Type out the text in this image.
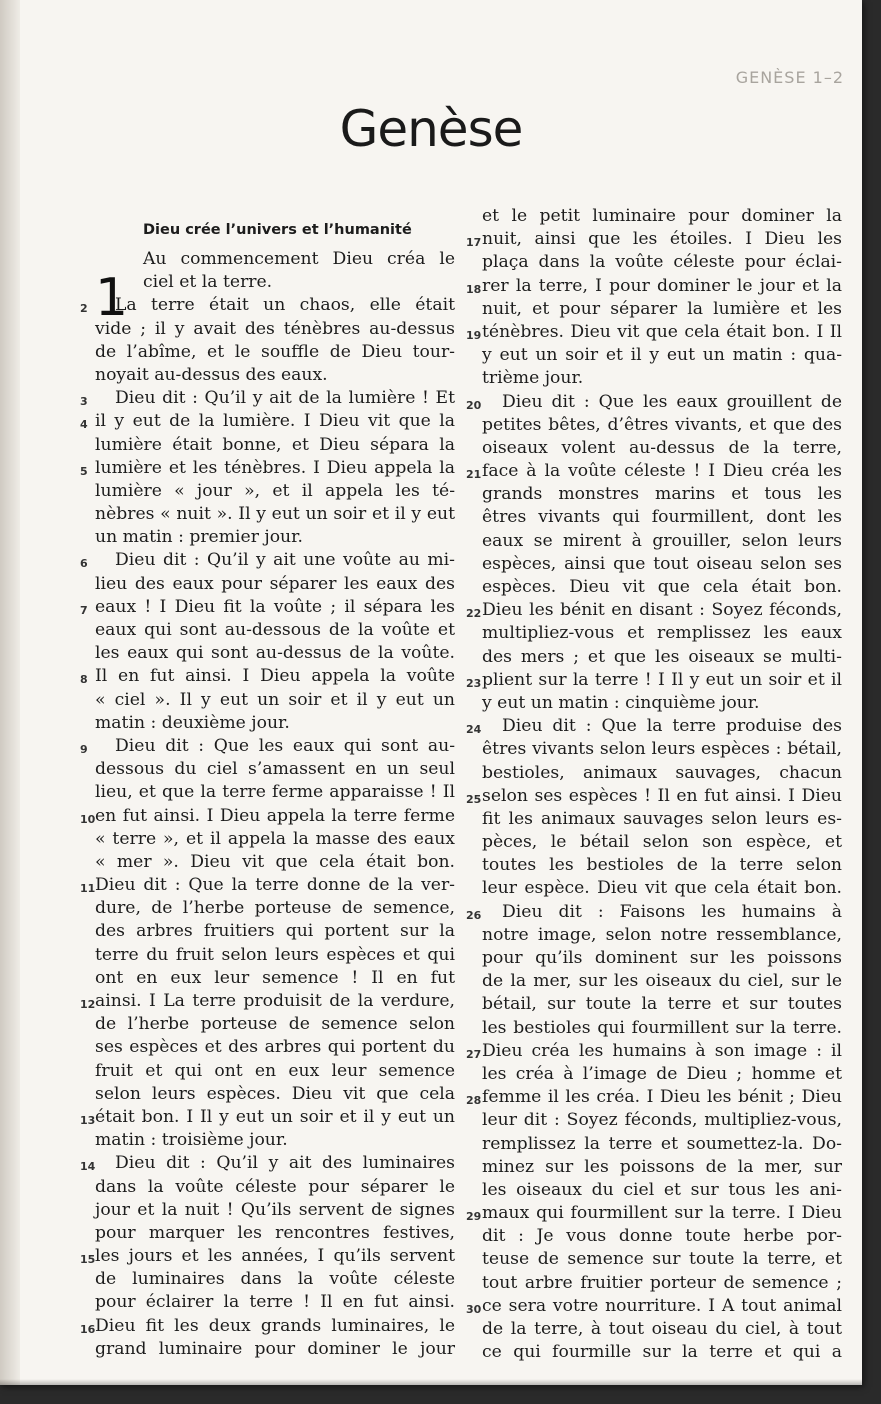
GENÈSE 1–2
Genèse
Dieu crée l’univers et l’humanité
1
Au commencement Dieu créa le
ciel et la terre.
2 La terre était un chaos, elle était
vide ; il y avait des ténèbres au-dessus
de l’abîme, et le souffle de Dieu tour-
noyait au-dessus des eaux.
3 Dieu dit : Qu’il y ait de la lumière ! Et
4 il y eut de la lumière. I Dieu vit que la
lumière était bonne, et Dieu sépara la
5 lumière et les ténèbres. I Dieu appela la
lumière « jour », et il appela les té-
nèbres « nuit ». Il y eut un soir et il y eut
un matin : premier jour.
6 Dieu dit : Qu’il y ait une voûte au mi-
lieu des eaux pour séparer les eaux des
7 eaux ! I Dieu fit la voûte ; il sépara les
eaux qui sont au-dessous de la voûte et
les eaux qui sont au-dessus de la voûte.
8 Il en fut ainsi. I Dieu appela la voûte
« ciel ». Il y eut un soir et il y eut un
matin : deuxième jour.
9 Dieu dit : Que les eaux qui sont au-
dessous du ciel s’amassent en un seul
lieu, et que la terre ferme apparaisse ! Il
10 en fut ainsi. I Dieu appela la terre ferme
« terre », et il appela la masse des eaux
« mer ». Dieu vit que cela était bon.
11 Dieu dit : Que la terre donne de la ver-
dure, de l’herbe porteuse de semence,
des arbres fruitiers qui portent sur la
terre du fruit selon leurs espèces et qui
ont en eux leur semence ! Il en fut
12 ainsi. I La terre produisit de la verdure,
de l’herbe porteuse de semence selon
ses espèces et des arbres qui portent du
fruit et qui ont en eux leur semence
selon leurs espèces. Dieu vit que cela
13 était bon. I Il y eut un soir et il y eut un
matin : troisième jour.
14 Dieu dit : Qu’il y ait des luminaires
dans la voûte céleste pour séparer le
jour et la nuit ! Qu’ils servent de signes
pour marquer les rencontres festives,
15 les jours et les années, I qu’ils servent
de luminaires dans la voûte céleste
pour éclairer la terre ! Il en fut ainsi.
16 Dieu fit les deux grands luminaires, le
grand luminaire pour dominer le jour
et le petit luminaire pour dominer la
17 nuit, ainsi que les étoiles. I Dieu les
plaça dans la voûte céleste pour éclai-
18 rer la terre, I pour dominer le jour et la
nuit, et pour séparer la lumière et les
19 ténèbres. Dieu vit que cela était bon. I Il
y eut un soir et il y eut un matin : qua-
trième jour.
20 Dieu dit : Que les eaux grouillent de
petites bêtes, d’êtres vivants, et que des
oiseaux volent au-dessus de la terre,
21 face à la voûte céleste ! I Dieu créa les
grands monstres marins et tous les
êtres vivants qui fourmillent, dont les
eaux se mirent à grouiller, selon leurs
espèces, ainsi que tout oiseau selon ses
espèces. Dieu vit que cela était bon.
22 Dieu les bénit en disant : Soyez féconds,
multipliez-vous et remplissez les eaux
des mers ; et que les oiseaux se multi-
23 plient sur la terre ! I Il y eut un soir et il
y eut un matin : cinquième jour.
24 Dieu dit : Que la terre produise des
êtres vivants selon leurs espèces : bétail,
bestioles, animaux sauvages, chacun
25 selon ses espèces ! Il en fut ainsi. I Dieu
fit les animaux sauvages selon leurs es-
pèces, le bétail selon son espèce, et
toutes les bestioles de la terre selon
leur espèce. Dieu vit que cela était bon.
26 Dieu dit : Faisons les humains à
notre image, selon notre ressemblance,
pour qu’ils dominent sur les poissons
de la mer, sur les oiseaux du ciel, sur le
bétail, sur toute la terre et sur toutes
les bestioles qui fourmillent sur la terre.
27 Dieu créa les humains à son image : il
les créa à l’image de Dieu ; homme et
28 femme il les créa. I Dieu les bénit ; Dieu
leur dit : Soyez féconds, multipliez-vous,
remplissez la terre et soumettez-la. Do-
minez sur les poissons de la mer, sur
les oiseaux du ciel et sur tous les ani-
29 maux qui fourmillent sur la terre. I Dieu
dit : Je vous donne toute herbe por-
teuse de semence sur toute la terre, et
tout arbre fruitier porteur de semence ;
30 ce sera votre nourriture. I A tout animal
de la terre, à tout oiseau du ciel, à tout
ce qui fourmille sur la terre et qui a
